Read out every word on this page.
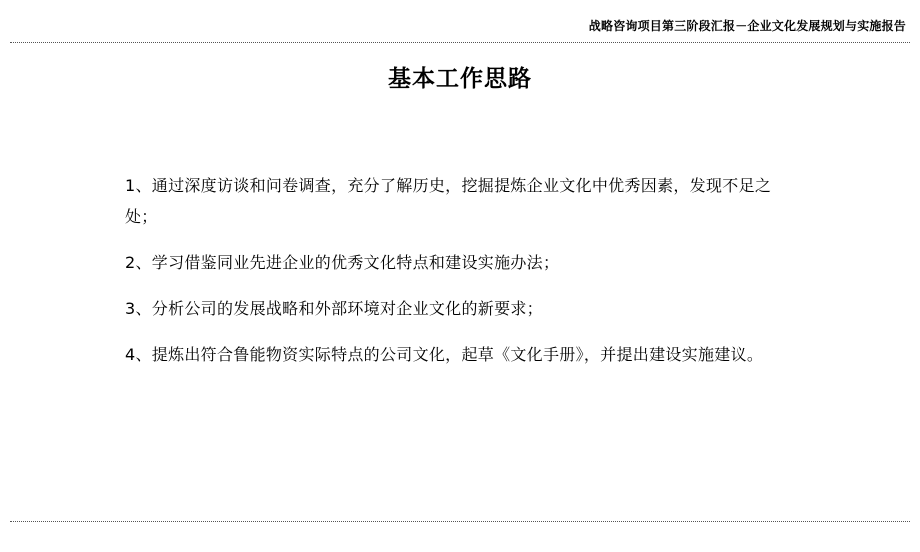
战略咨询项目第三阶段汇报－企业文化发展规划与实施报告
基本工作思路

1、通过深度访谈和问卷调查，充分了解历史，挖掘提炼企业文化中优秀因素，发现不足之处；

2、学习借鉴同业先进企业的优秀文化特点和建设实施办法；

3、分析公司的发展战略和外部环境对企业文化的新要求；

4、提炼出符合鲁能物资实际特点的公司文化，起草《文化手册》，并提出建设实施建议。
